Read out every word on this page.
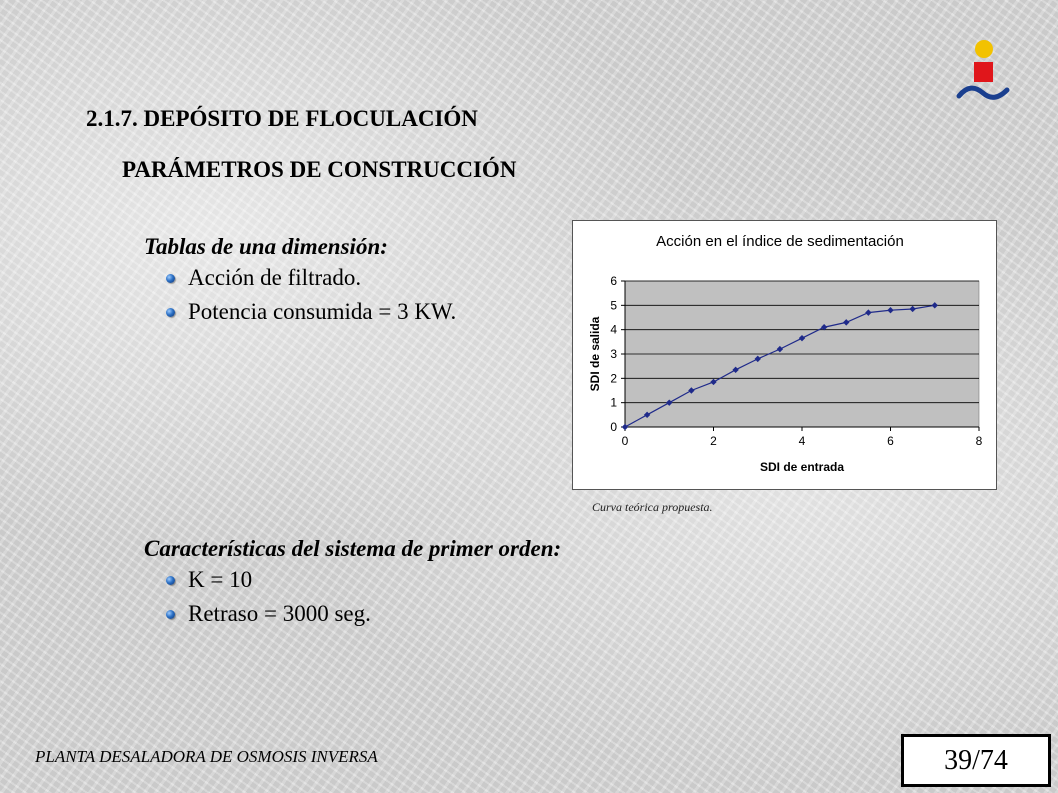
2.1.7. DEPÓSITO DE FLOCULACIÓN
PARÁMETROS DE CONSTRUCCIÓN
Tablas de una dimensión:
Acción de filtrado.
Potencia consumida = 3 KW.
Acción en el índice de sedimentación
0
1
2
3
4
5
6
0	2	4	6	8
SDI de entrada
SDI de salida
Curva teórica propuesta.
Características del sistema de primer orden:
K = 10
Retraso = 3000 seg.
PLANTA DESALADORA DE OSMOSIS INVERSA	39/74
